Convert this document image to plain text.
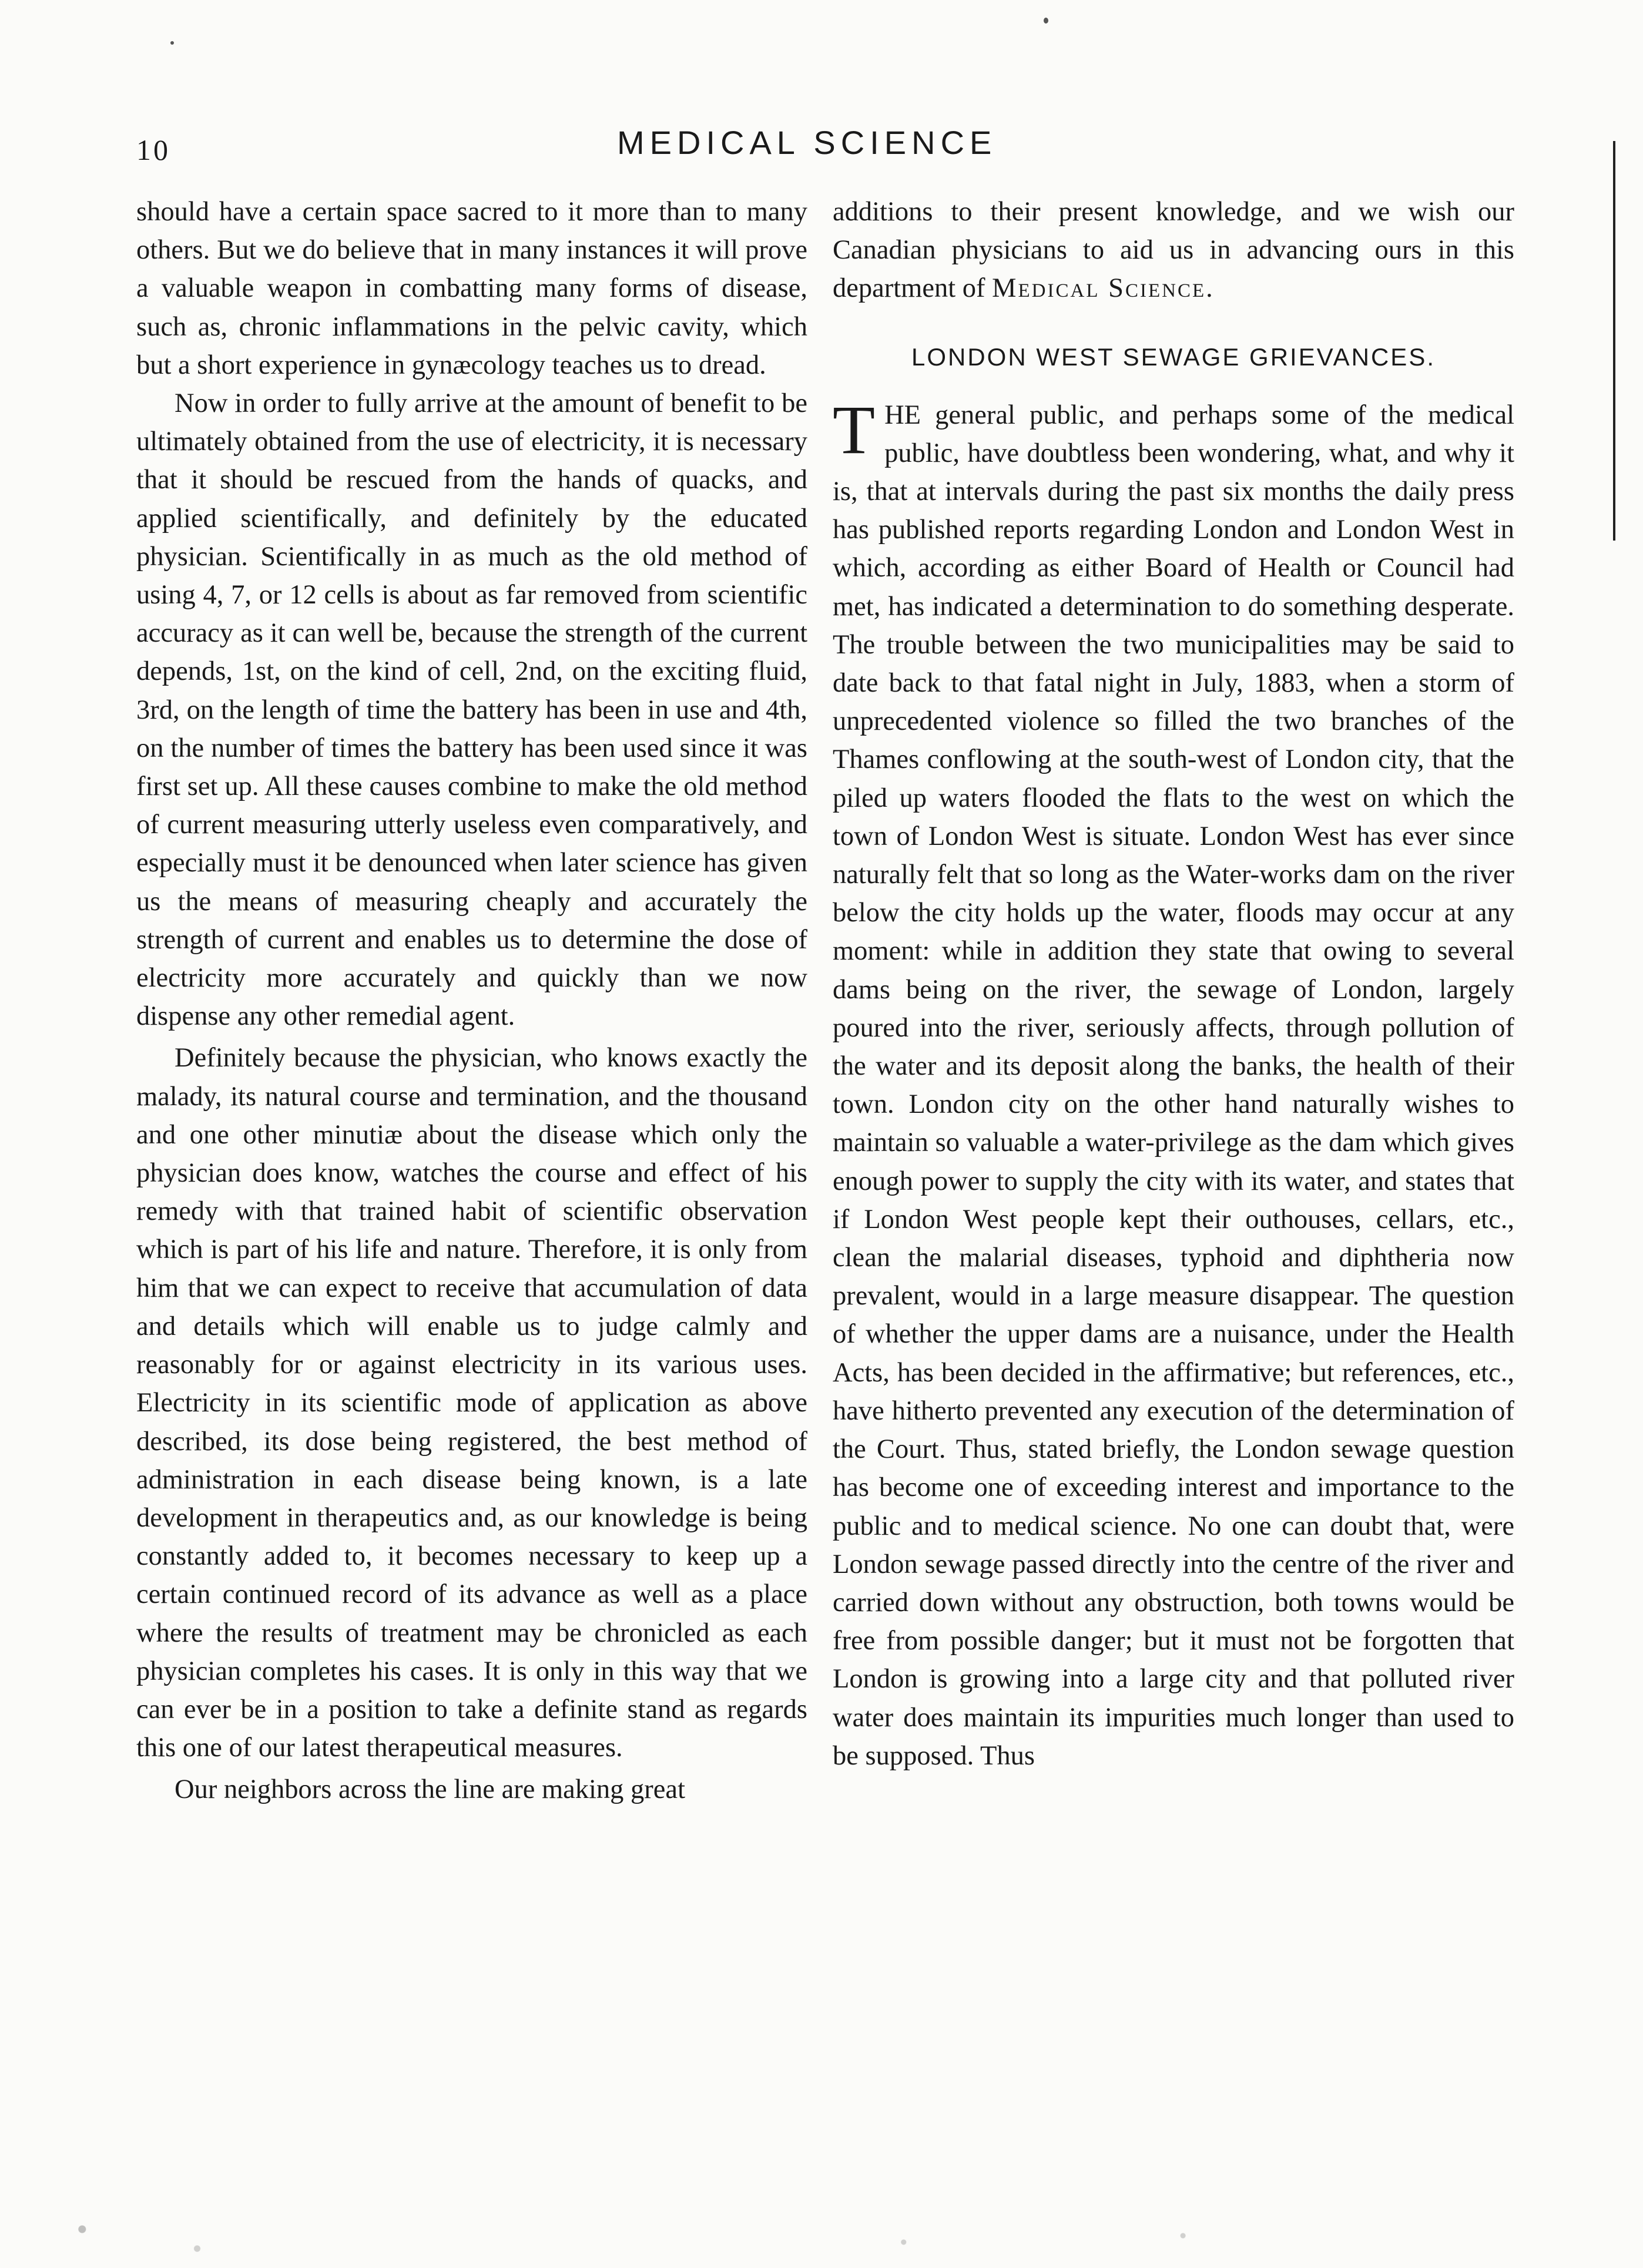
10	MEDICAL SCIENCE

should have a certain space sacred to it more than to many others. But we do believe that in many instances it will prove a valuable weapon in combatting many forms of disease, such as, chronic inflammations in the pelvic cavity, which but a short experience in gynæcology teaches us to dread.

Now in order to fully arrive at the amount of benefit to be ultimately obtained from the use of electricity, it is necessary that it should be rescued from the hands of quacks, and applied scientifically, and definitely by the educated physician. Scientifically in as much as the old method of using 4, 7, or 12 cells is about as far removed from scientific accuracy as it can well be, because the strength of the current depends, 1st, on the kind of cell, 2nd, on the exciting fluid, 3rd, on the length of time the battery has been in use and 4th, on the number of times the battery has been used since it was first set up. All these causes combine to make the old method of current measuring utterly useless even comparatively, and especially must it be denounced when later science has given us the means of measuring cheaply and accurately the strength of current and enables us to determine the dose of electricity more accurately and quickly than we now dispense any other remedial agent.

Definitely because the physician, who knows exactly the malady, its natural course and termination, and the thousand and one other minutiæ about the disease which only the physician does know, watches the course and effect of his remedy with that trained habit of scientific observation which is part of his life and nature. Therefore, it is only from him that we can expect to receive that accumulation of data and details which will enable us to judge calmly and reasonably for or against electricity in its various uses. Electricity in its scientific mode of application as above described, its dose being registered, the best method of administration in each disease being known, is a late development in therapeutics and, as our knowledge is being constantly added to, it becomes necessary to keep up a certain continued record of its advance as well as a place where the results of treatment may be chronicled as each physician completes his cases. It is only in this way that we can ever be in a position to take a definite stand as regards this one of our latest therapeutical measures.

Our neighbors across the line are making great

additions to their present knowledge, and we wish our Canadian physicians to aid us in advancing ours in this department of Medical Science.

LONDON WEST SEWAGE GRIEVANCES.
T HE general public, and perhaps some of the medical public, have doubtless been wondering, what, and why it is, that at intervals during the past six months the daily press has published reports regarding London and London West in which, according as either Board of Health or Council had met, has indicated a determination to do something desperate. The trouble between the two municipalities may be said to date back to that fatal night in July, 1883, when a storm of unprecedented violence so filled the two branches of the Thames conflowing at the south-west of London city, that the piled up waters flooded the flats to the west on which the town of London West is situate. London West has ever since naturally felt that so long as the Water-works dam on the river below the city holds up the water, floods may occur at any moment: while in addition they state that owing to several dams being on the river, the sewage of London, largely poured into the river, seriously affects, through pollution of the water and its deposit along the banks, the health of their town. London city on the other hand naturally wishes to maintain so valuable a water-privilege as the dam which gives enough power to supply the city with its water, and states that if London West people kept their outhouses, cellars, etc., clean the malarial diseases, typhoid and diphtheria now prevalent, would in a large measure disappear. The question of whether the upper dams are a nuisance, under the Health Acts, has been decided in the affirmative; but references, etc., have hitherto prevented any execution of the determination of the Court. Thus, stated briefly, the London sewage question has become one of exceeding interest and importance to the public and to medical science. No one can doubt that, were London sewage passed directly into the centre of the river and carried down without any obstruction, both towns would be free from possible danger; but it must not be forgotten that London is growing into a large city and that polluted river water does maintain its impurities much longer than used to be supposed. Thus
